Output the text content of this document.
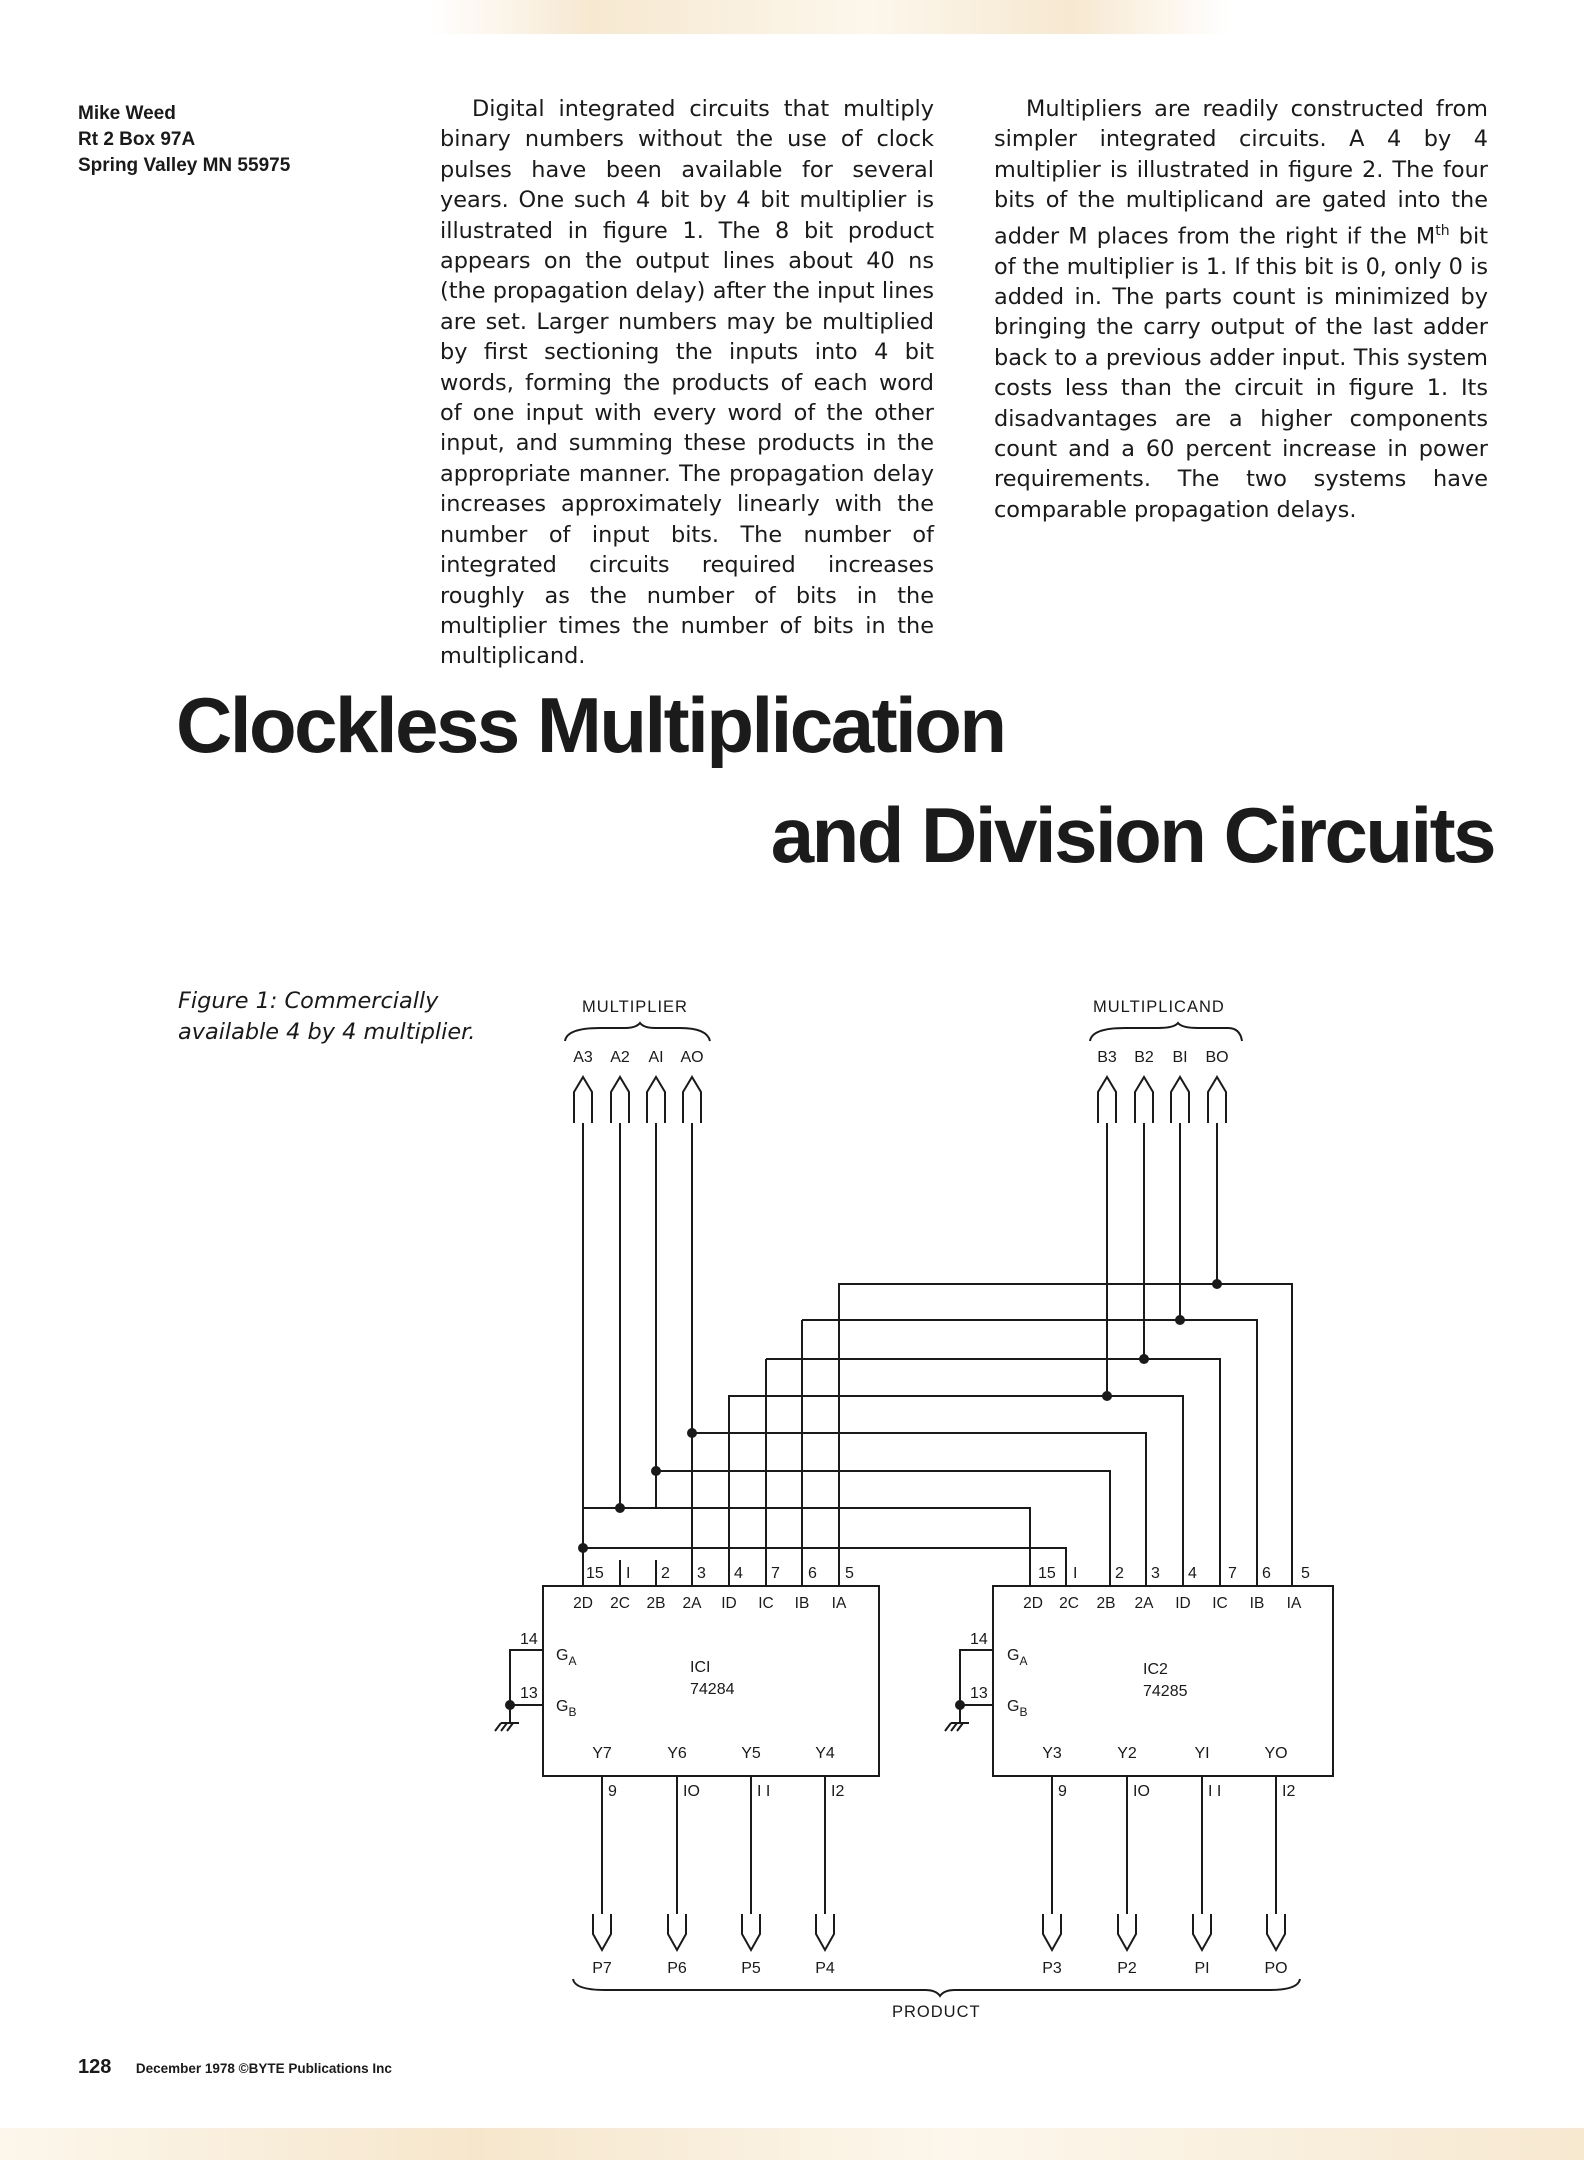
Mike Weed
Rt 2 Box 97A
Spring Valley MN 55975

Digital integrated circuits that multiply binary numbers without the use of clock pulses have been available for several years. One such 4 bit by 4 bit multiplier is illustrated in figure 1. The 8 bit product appears on the output lines about 40 ns (the propagation delay) after the input lines are set. Larger numbers may be multiplied by first sectioning the inputs into 4 bit words, forming the products of each word of one input with every word of the other input, and summing these products in the appropriate manner. The propagation delay increases approximately linearly with the number of input bits. The number of integrated circuits required increases roughly as the number of bits in the multiplier times the number of bits in the multiplicand.

Multipliers are readily constructed from simpler integrated circuits. A 4 by 4 multiplier is illustrated in figure 2. The four bits of the multiplicand are gated into the adder M places from the right if the Mth bit of the multiplier is 1. If this bit is 0, only 0 is added in. The parts count is minimized by bringing the carry output of the last adder back to a previous adder input. This system costs less than the circuit in figure 1. Its disadvantages are a higher components count and a 60 percent increase in power requirements. The two systems have comparable propagation delays.

Clockless Multiplication
and Division Circuits
Figure 1: Commercially available 4 by 4 multiplier.
MULTIPLIER	MULTIPLICAND
PRODUCT
A3 A2 AI AO	B3 B2 BI BO
15 I 2 3 4 7 6 5
2D 2C 2B 2A ID IC IB IA
15 I 2 3 4 7 6 5
2D 2C 2B 2A ID IC IB IA
ICI
74284
IC2
74285
14
13
14
13
$G_A$
$G_B$
$G_A$
$G_B$
Y7	Y6	Y5	Y4	Y3	Y2	YI	YO
9	IO	I I	I2	9	IO	I I	I2
P7	P6	P5	P4	P3	P2	PI	PO
128 December 1978 ©BYTE Publications Inc
